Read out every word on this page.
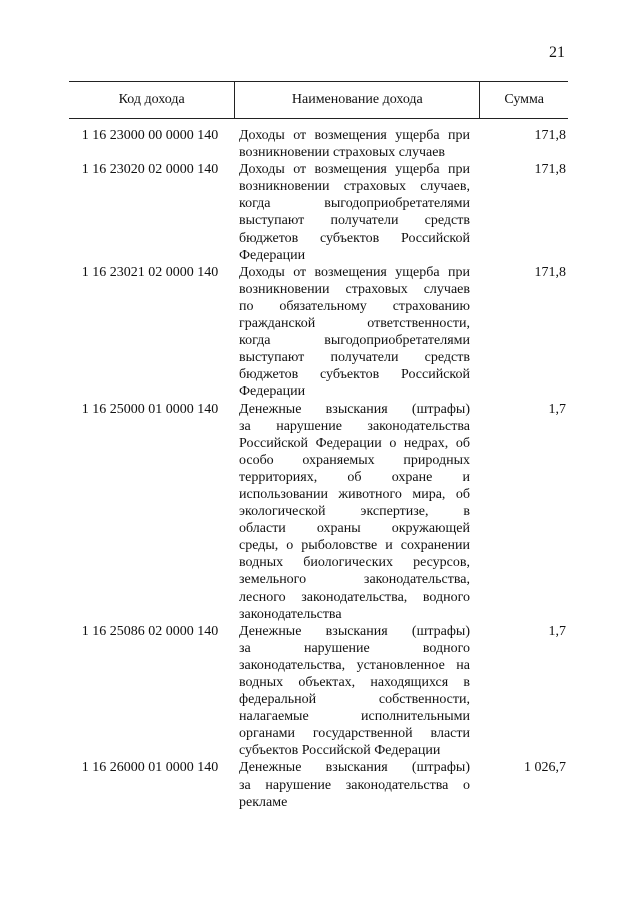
21
Код дохода	Наименование дохода	Сумма
1 16 23000 00 0000 140	Доходы от возмещения ущерба при
возникновении страховых случаев
171,8
1 16 23020 02 0000 140	Доходы от возмещения ущерба при
возникновении страховых случаев,
когда выгодоприобретателями
выступают получатели средств
бюджетов субъектов Российской
Федерации
171,8
1 16 23021 02 0000 140	Доходы от возмещения ущерба при
возникновении страховых случаев
по обязательному страхованию
гражданской ответственности,
когда выгодоприобретателями
выступают получатели средств
бюджетов субъектов Российской
Федерации
171,8
1 16 25000 01 0000 140	Денежные взыскания (штрафы)
за нарушение законодательства
Российской Федерации о недрах, об
особо охраняемых природных
территориях, об охране и
использовании животного мира, об
экологической экспертизе, в
области охраны окружающей
среды, о рыболовстве и сохранении
водных биологических ресурсов,
земельного законодательства,
лесного законодательства, водного
законодательства
1,7
1 16 25086 02 0000 140	Денежные взыскания (штрафы)
за нарушение водного
законодательства, установленное на
водных объектах, находящихся в
федеральной собственности,
налагаемые исполнительными
органами государственной власти
субъектов Российской Федерации
1,7
1 16 26000 01 0000 140	Денежные взыскания (штрафы)
за нарушение законодательства о
рекламе
1 026,7
